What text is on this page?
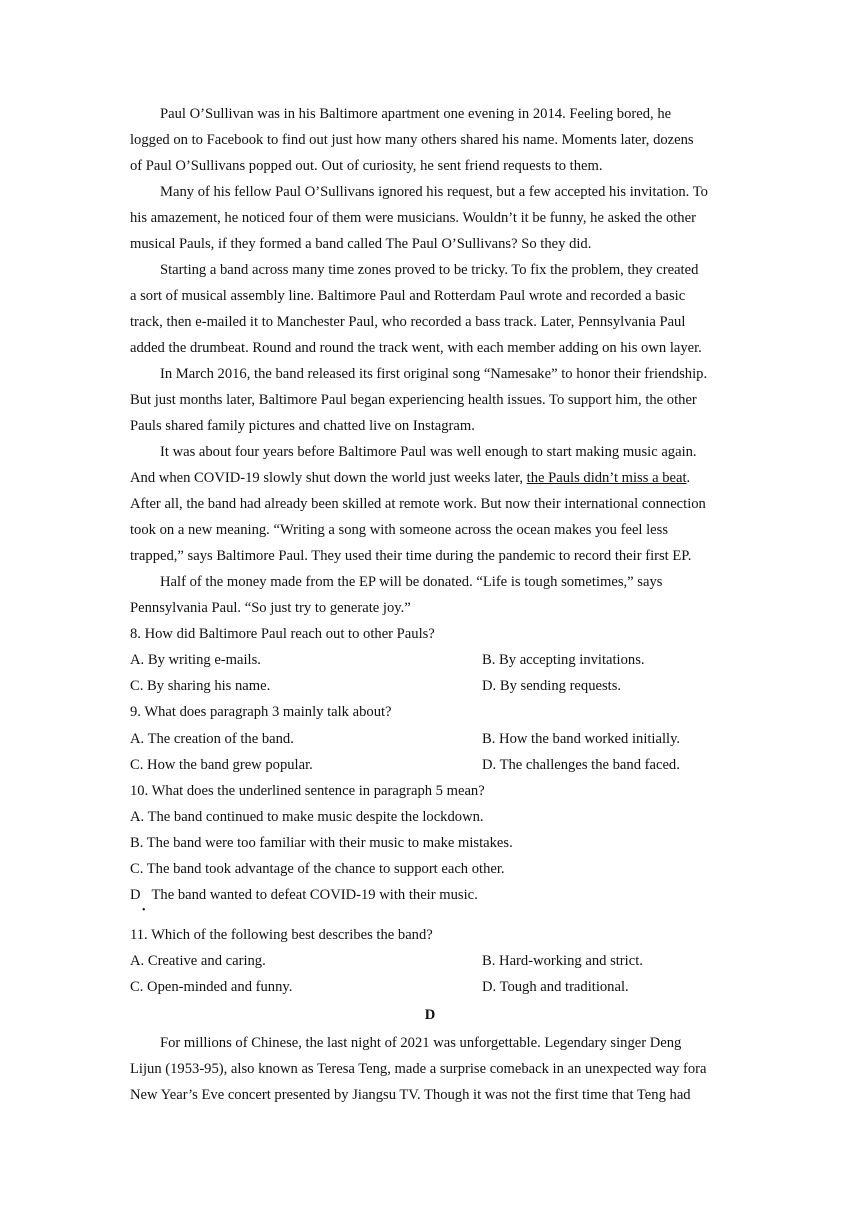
Paul O’Sullivan was in his Baltimore apartment one evening in 2014. Feeling bored, he
logged on to Facebook to find out just how many others shared his name. Moments later, dozens
of Paul O’Sullivans popped out. Out of curiosity, he sent friend requests to them.
Many of his fellow Paul O’Sullivans ignored his request, but a few accepted his invitation. To
his amazement, he noticed four of them were musicians. Wouldn’t it be funny, he asked the other
musical Pauls, if they formed a band called The Paul O’Sullivans? So they did.
Starting a band across many time zones proved to be tricky. To fix the problem, they created
a sort of musical assembly line. Baltimore Paul and Rotterdam Paul wrote and recorded a basic
track, then e-mailed it to Manchester Paul, who recorded a bass track. Later, Pennsylvania Paul
added the drumbeat. Round and round the track went, with each member adding on his own layer.
In March 2016, the band released its first original song “Namesake” to honor their friendship.
But just months later, Baltimore Paul began experiencing health issues. To support him, the other
Pauls shared family pictures and chatted live on Instagram.
It was about four years before Baltimore Paul was well enough to start making music again.
And when COVID-19 slowly shut down the world just weeks later, the Pauls didn’t miss a beat.
After all, the band had already been skilled at remote work. But now their international connection
took on a new meaning. “Writing a song with someone across the ocean makes you feel less
trapped,” says Baltimore Paul. They used their time during the pandemic to record their first EP.
Half of the money made from the EP will be donated. “Life is tough sometimes,” says
Pennsylvania Paul. “So just try to generate joy.”
8. How did Baltimore Paul reach out to other Pauls?
A. By writing e-mails.	B. By accepting invitations.
C. By sharing his name.	D. By sending requests.
9. What does paragraph 3 mainly talk about?
A. The creation of the band.	B. How the band worked initially.
C. How the band grew popular.	D. The challenges the band faced.
10. What does the underlined sentence in paragraph 5 mean?
A. The band continued to make music despite the lockdown.
B. The band were too familiar with their music to make mistakes.
C. The band took advantage of the chance to support each other.
D The band wanted to defeat COVID-19 with their music.
•
11. Which of the following best describes the band?
A. Creative and caring.	B. Hard-working and strict.
C. Open-minded and funny.	D. Tough and traditional.
D
For millions of Chinese, the last night of 2021 was unforgettable. Legendary singer Deng
Lijun (1953-95), also known as Teresa Teng, made a surprise comeback in an unexpected way fora
New Year’s Eve concert presented by Jiangsu TV. Though it was not the first time that Teng had
